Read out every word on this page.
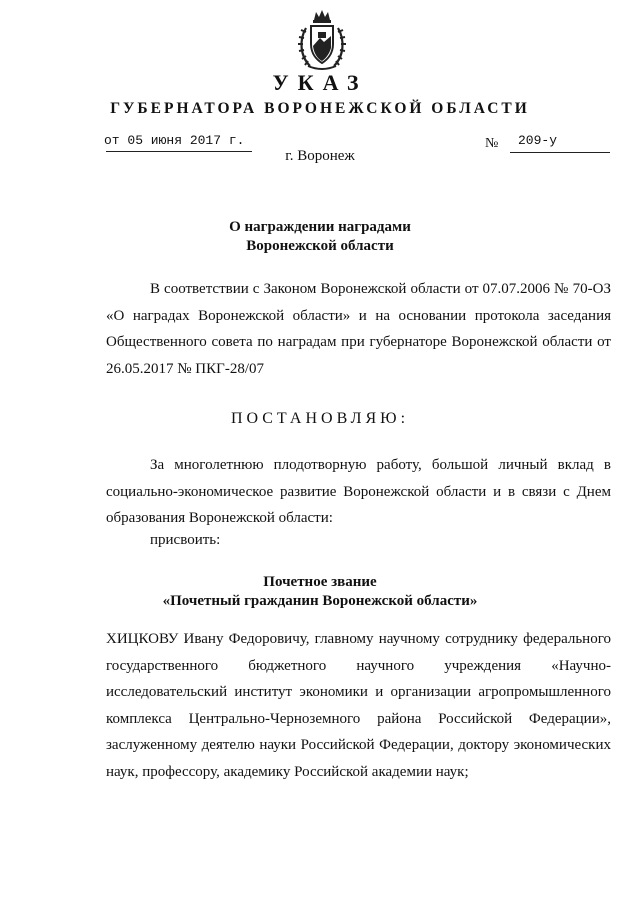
УКАЗ
ГУБЕРНАТОРА ВОРОНЕЖСКОЙ ОБЛАСТИ
от 05 июня 2017 г.	№ 209-у
г. Воронеж
О награждении наградами
Воронежской области
В соответствии с Законом Воронежской области от 07.07.2006 № 70-ОЗ «О наградах Воронежской области» и на основании протокола заседания Общественного совета по наградам при губернаторе Воронежской области от 26.05.2017 № ПКГ-28/07
ПОСТАНОВЛЯЮ:
За многолетнюю плодотворную работу, большой личный вклад в социально-экономическое развитие Воронежской области и в связи с Днем образования Воронежской области:
присвоить:
Почетное звание
«Почетный гражданин Воронежской области»
ХИЦКОВУ Ивану Федоровичу, главному научному сотруднику федерального государственного бюджетного научного учреждения «Научно-исследовательский институт экономики и организации агропромышленного комплекса Центрально-Черноземного района Российской Федерации», заслуженному деятелю науки Российской Федерации, доктору экономических наук, профессору, академику Российской академии наук;
